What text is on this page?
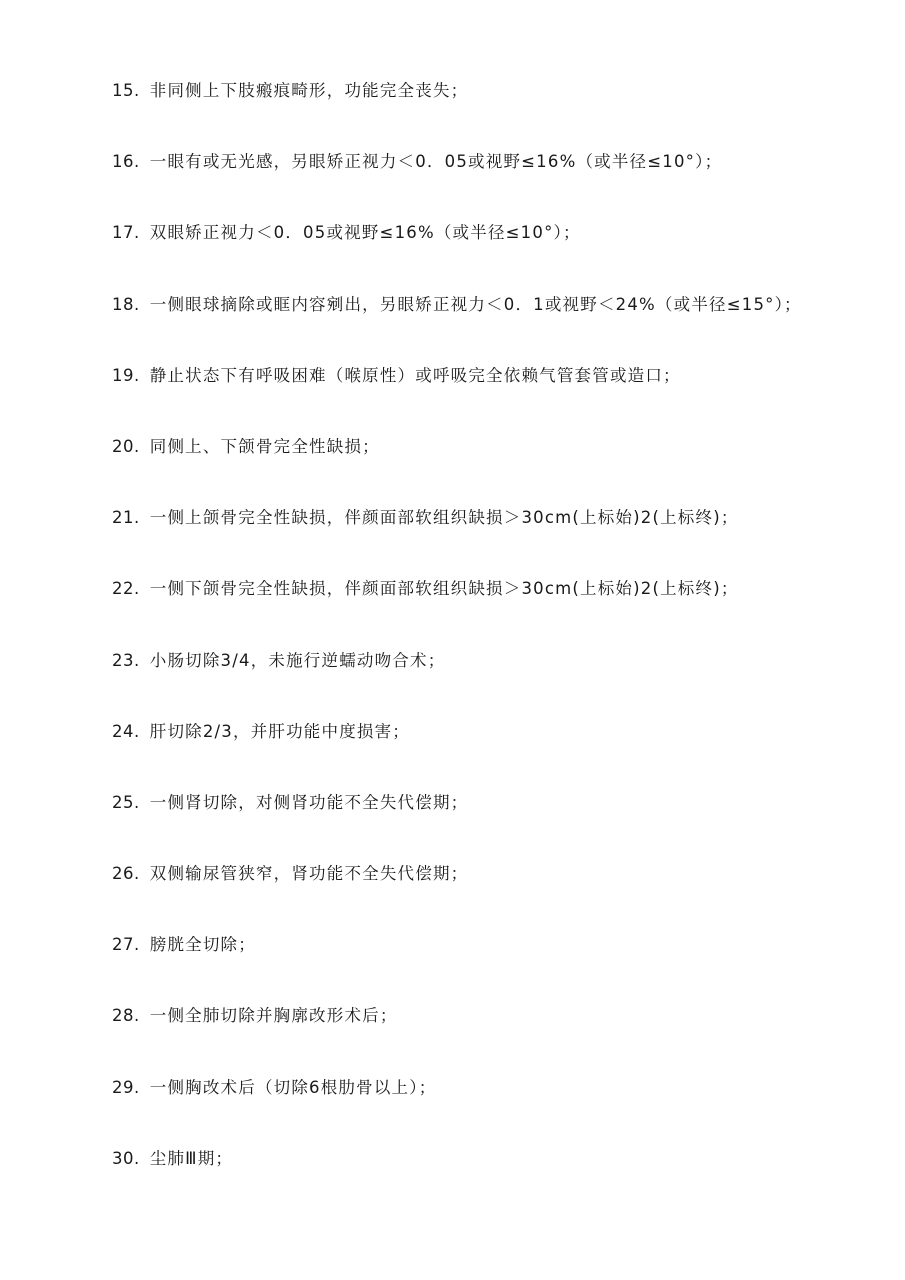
15 . 非同侧上下肢瘢痕畸形，功能完全丧失；
16 . 一眼有或无光感，另眼矫正视力＜0．05或视野≤16%（或半径≤10°）；
17 . 双眼矫正视力＜0．05或视野≤16%（或半径≤10°）；
18 . 一侧眼球摘除或眶内容剜出，另眼矫正视力＜0．1或视野＜24%（或半径≤15°）；
19 . 静止状态下有呼吸困难（喉原性）或呼吸完全依赖气管套管或造口；
20 . 同侧上、下颌骨完全性缺损；
21 . 一侧上颌骨完全性缺损，伴颜面部软组织缺损＞30cm(上标始)2(上标终)；
22 . 一侧下颌骨完全性缺损，伴颜面部软组织缺损＞30cm(上标始)2(上标终)；
23 . 小肠切除3/4，未施行逆蠕动吻合术；
24 . 肝切除2/3，并肝功能中度损害；
25 . 一侧肾切除，对侧肾功能不全失代偿期；
26 . 双侧输尿管狭窄，肾功能不全失代偿期；
27 . 膀胱全切除；
28 . 一侧全肺切除并胸廓改形术后；
29 . 一侧胸改术后（切除6根肋骨以上）；
30 . 尘肺Ⅲ期；
